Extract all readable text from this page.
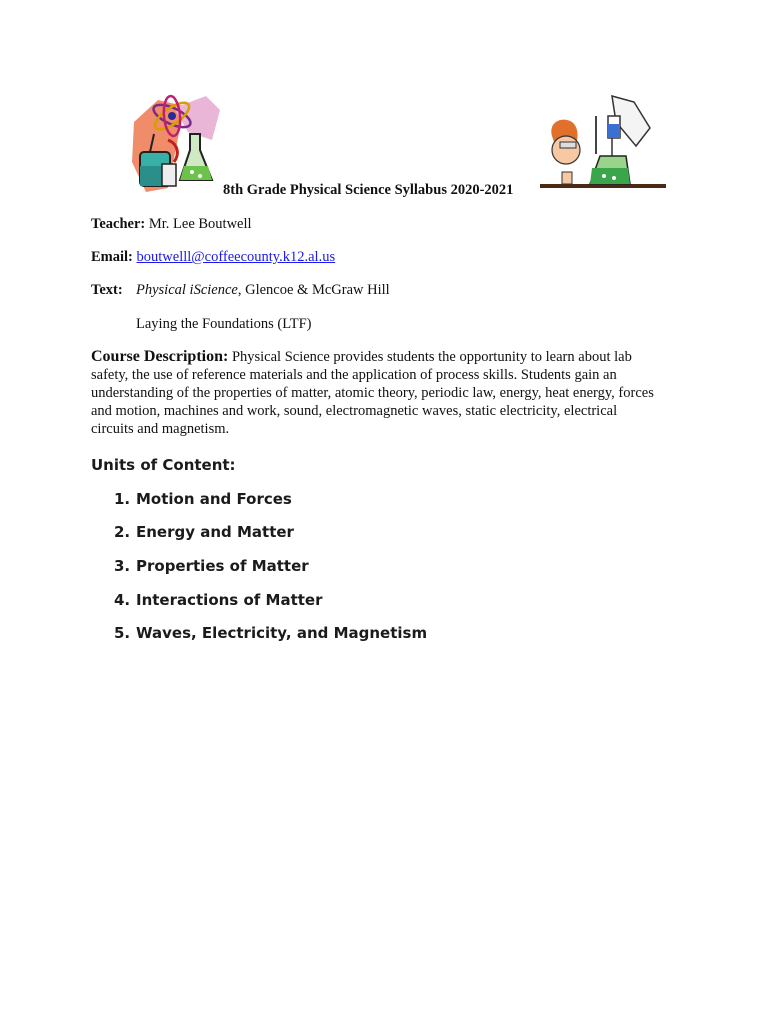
8th Grade Physical Science Syllabus 2020-2021
Teacher: Mr. Lee Boutwell
Email: boutwelll@coffeecounty.k12.al.us
Text: Physical iScience, Glencoe & McGraw Hill
Laying the Foundations (LTF)
Course Description: Physical Science provides students the opportunity to learn about lab safety, the use of reference materials and the application of process skills. Students gain an understanding of the properties of matter, atomic theory, periodic law, energy, heat energy, forces and motion, machines and work, sound, electromagnetic waves, static electricity, electrical circuits and magnetism.
Units of Content:
1. Motion and Forces
2. Energy and Matter
3. Properties of Matter
4. Interactions of Matter
5. Waves, Electricity, and Magnetism
